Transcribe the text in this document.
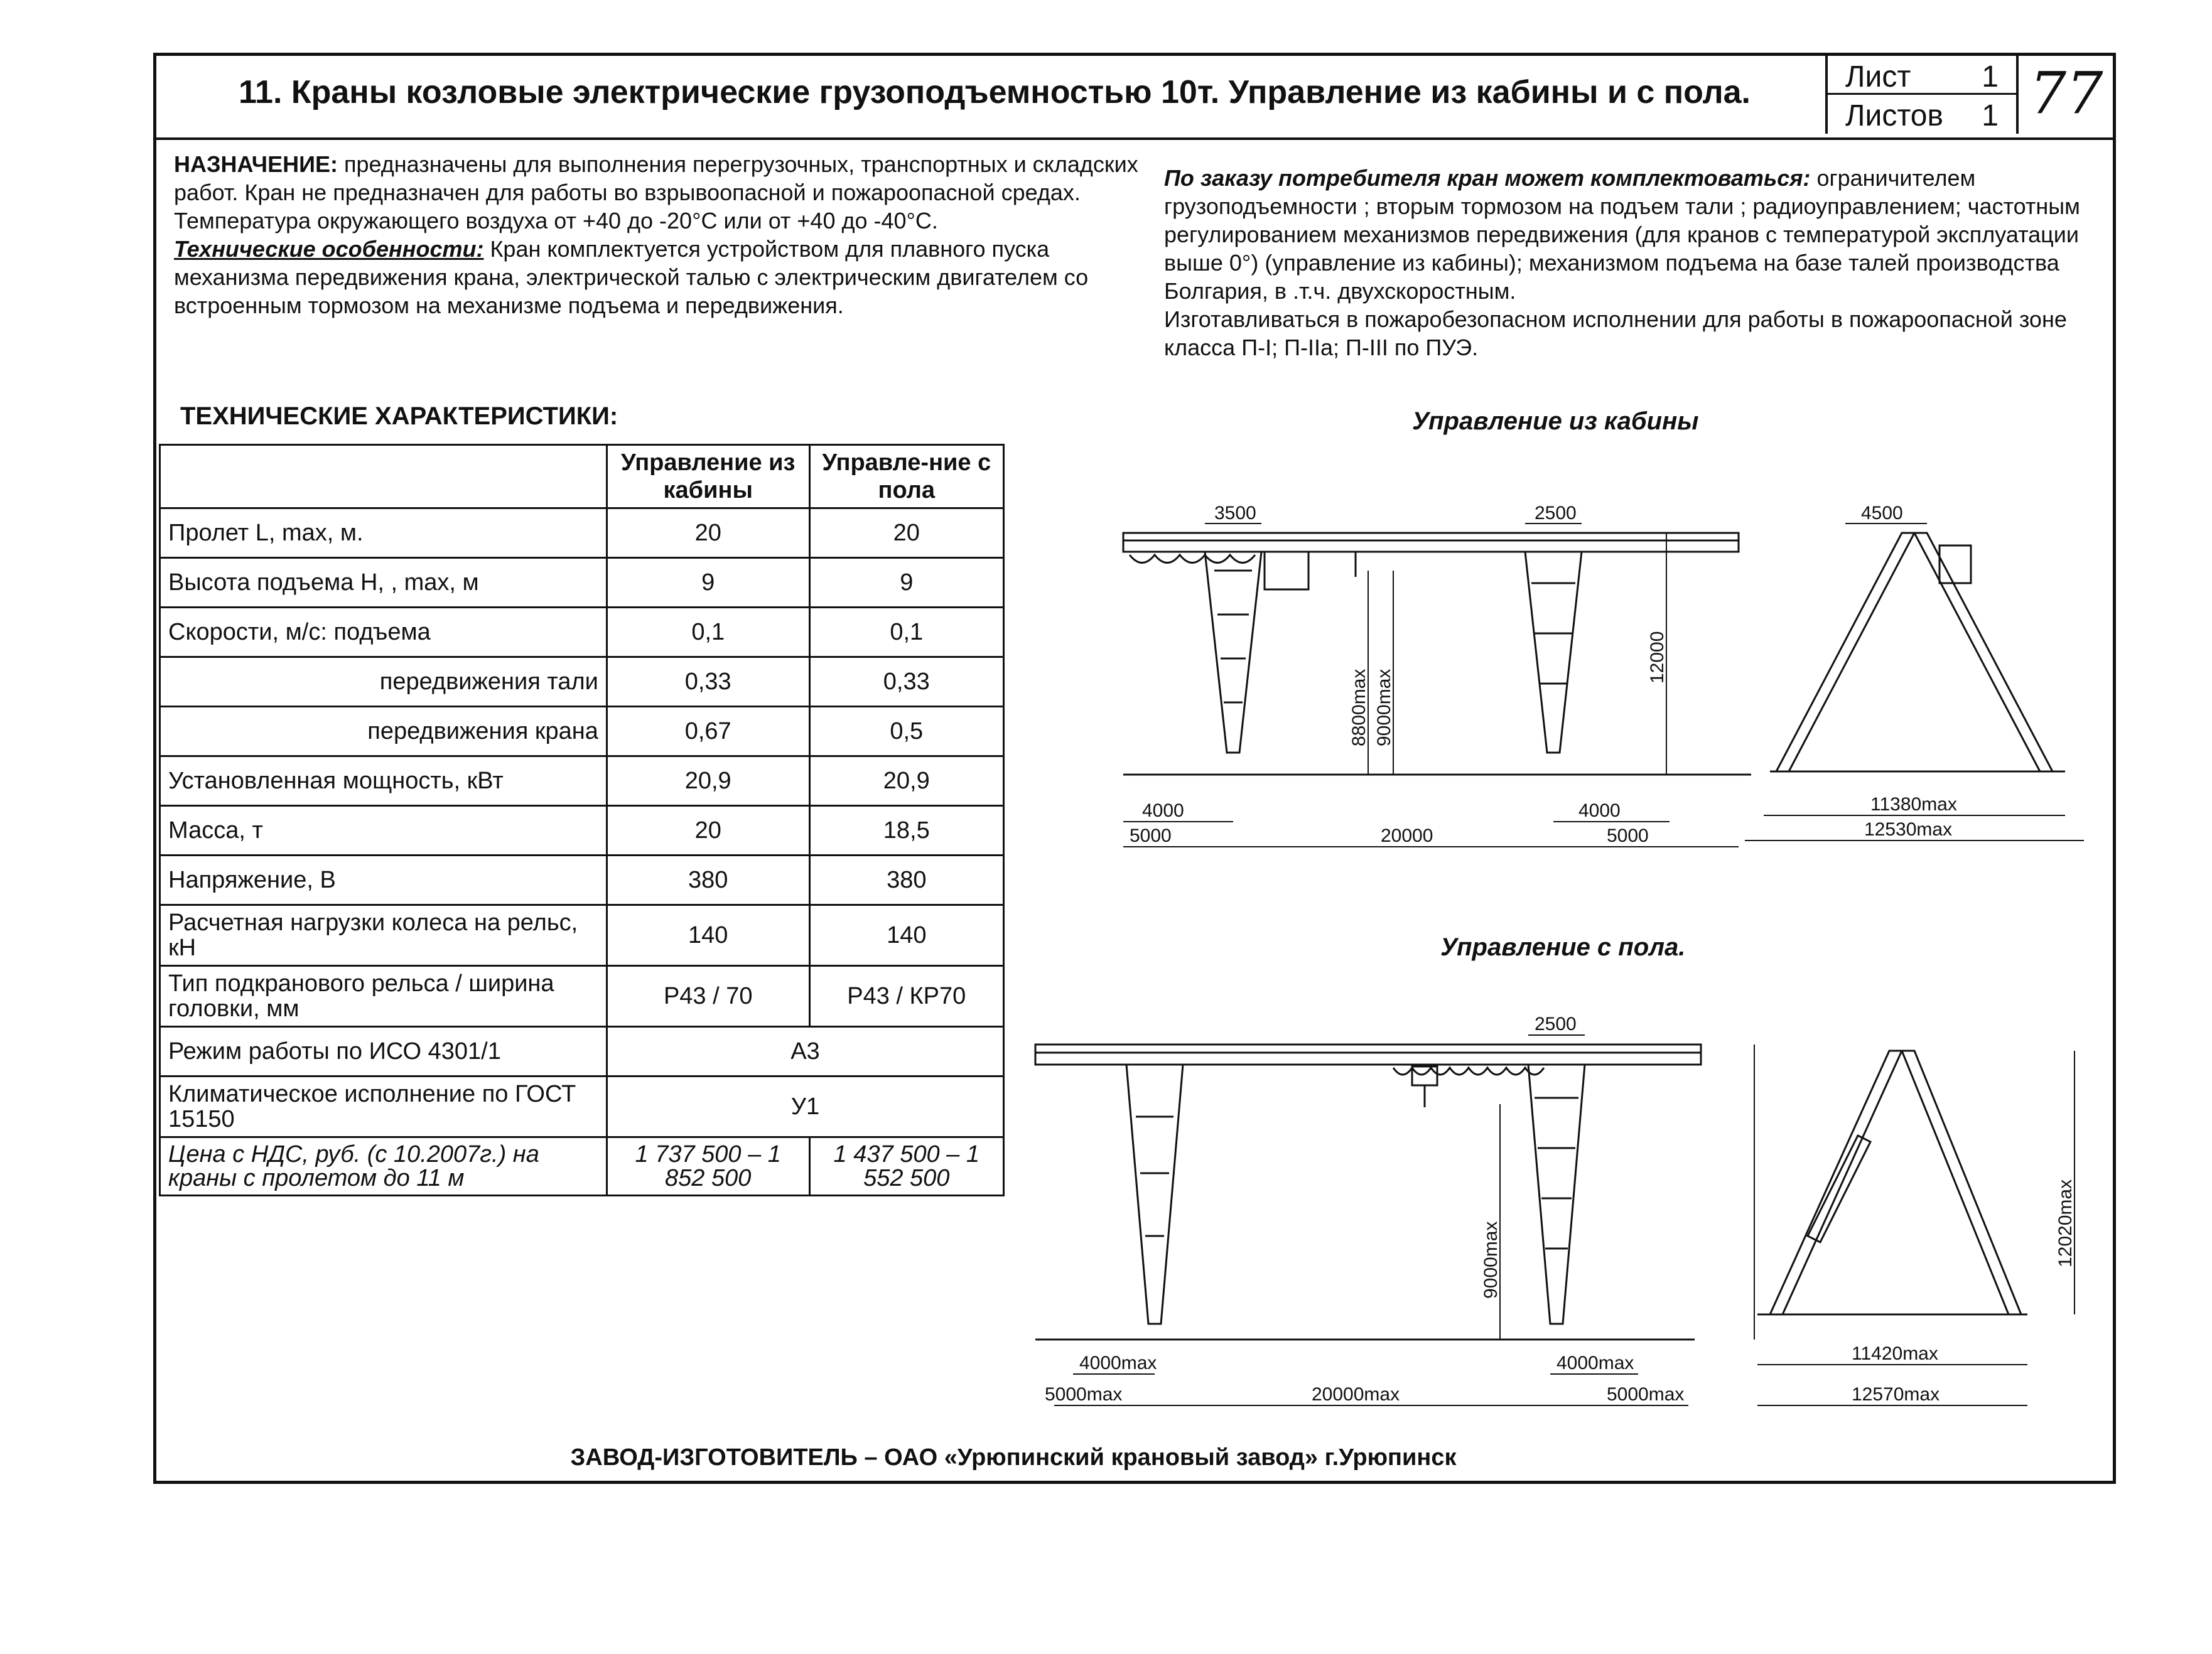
11. Краны козловые электрические грузоподъемностью 10т. Управление из кабины и с пола.	Лист 1
Листов 1 77
НАЗНАЧЕНИЕ: предназначены для выполнения перегрузочных, транспортных и складских работ. Кран не предназначен для работы во взрывоопасной и пожароопасной средах.
Температура окружающего воздуха от +40 до -20°С или от +40 до -40°С.
Технические особенности: Кран комплектуется устройством для плавного пуска механизма передвижения крана, электрической талью с электрическим двигателем со встроенным тормозом на механизме подъема и передвижения.
По заказу потребителя кран может комплектоваться: ограничителем грузоподъемности ; вторым тормозом на подъем тали ; радиоуправлением; частотным регулированием механизмов передвижения (для кранов с температурой эксплуатации выше 0°) (управление из кабины); механизмом подъема на базе талей производства Болгария, в .т.ч. двухскоростным.
Изготавливаться в пожаробезопасном исполнении для работы в пожароопасной зоне класса П-I; П-IIа; П-III по ПУЭ.
ТЕХНИЧЕСКИЕ ХАРАКТЕРИСТИКИ:
	Управление из кабины	Управле-ние с пола
Пролет L, max, м.	20	20
Высота подъема Н, , max, м	9	9
Скорости, м/с: подъема	0,1	0,1
передвижения тали	0,33	0,33
передвижения крана	0,67	0,5
Установленная мощность, кВт	20,9	20,9
Масса, т	20	18,5
Напряжение, В	380	380
Расчетная нагрузки колеса на рельс, кН	140	140
Тип подкранового рельса / ширина головки, мм	Р43 / 70	Р43 / КР70
Режим работы по ИСО 4301/1	А3	
Климатическое исполнение по ГОСТ 15150	У1	
Цена с НДС, руб. (с 10.2007г.) на краны с пролетом до 11 м	1 737 500 – 1 852 500	1 437 500 – 1 552 500
Управление из кабины
Управление с пола.
3500	2500	4500
8800max 9000max
12000
4000	4000
5000	20000	5000
11380max
12530max
2500
9000max	12020max
4000max	4000max
5000max	20000max	5000max
11420max
12570max
ЗАВОД-ИЗГОТОВИТЕЛЬ – ОАО «Урюпинский крановый завод» г.Урюпинск
